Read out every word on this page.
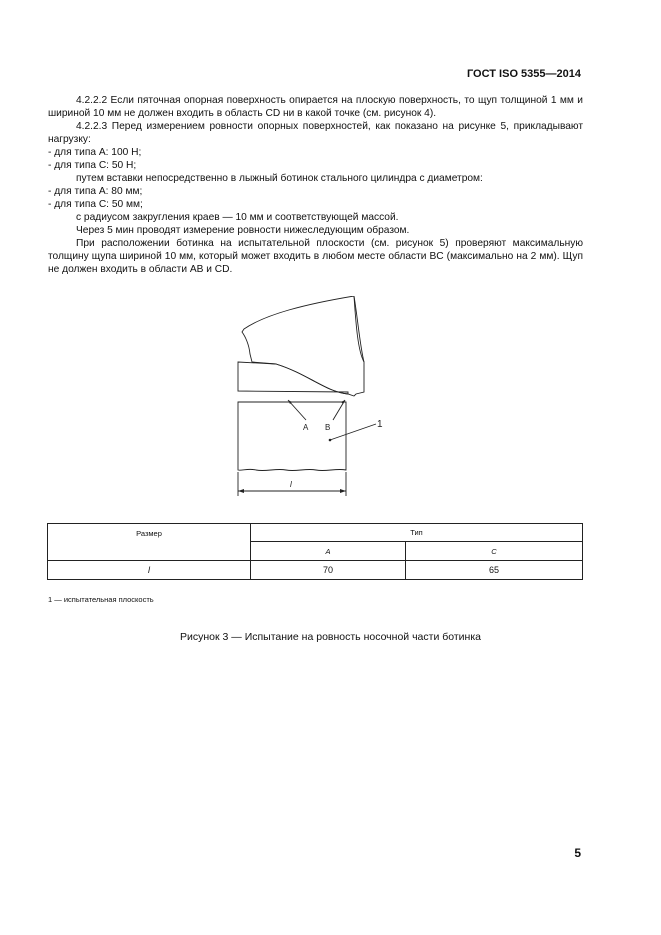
ГОСТ ISO 5355—2014

4.2.2.2 Если пяточная опорная поверхность опирается на плоскую поверхность, то щуп толщиной 1 мм и шириной 10 мм не должен входить в область CD ни в какой точке (см. рисунок 4).

4.2.2.3 Перед измерением ровности опорных поверхностей, как показано на рисунке 5, прикладывают нагрузку:

- для типа A: 100 Н;

- для типа C: 50 Н;

путем вставки непосредственно в лыжный ботинок стального цилиндра с диаметром:

- для типа A: 80 мм;

- для типа C: 50 мм;

с радиусом закругления краев — 10 мм и соответствующей массой.

Через 5 мин проводят измерение ровности нижеследующим образом.

При расположении ботинка на испытательной плоскости (см. рисунок 5) проверяют максимальную толщину щупа шириной 10 мм, который может входить в любом месте области BC (максимально на 2 мм). Щуп не должен входить в области AB и CD.

A B	1
l
Размер	Тип	
	A	C
l	70	65
1 — испытательная плоскость
Рисунок 3 — Испытание на ровность носочной части ботинка
5
